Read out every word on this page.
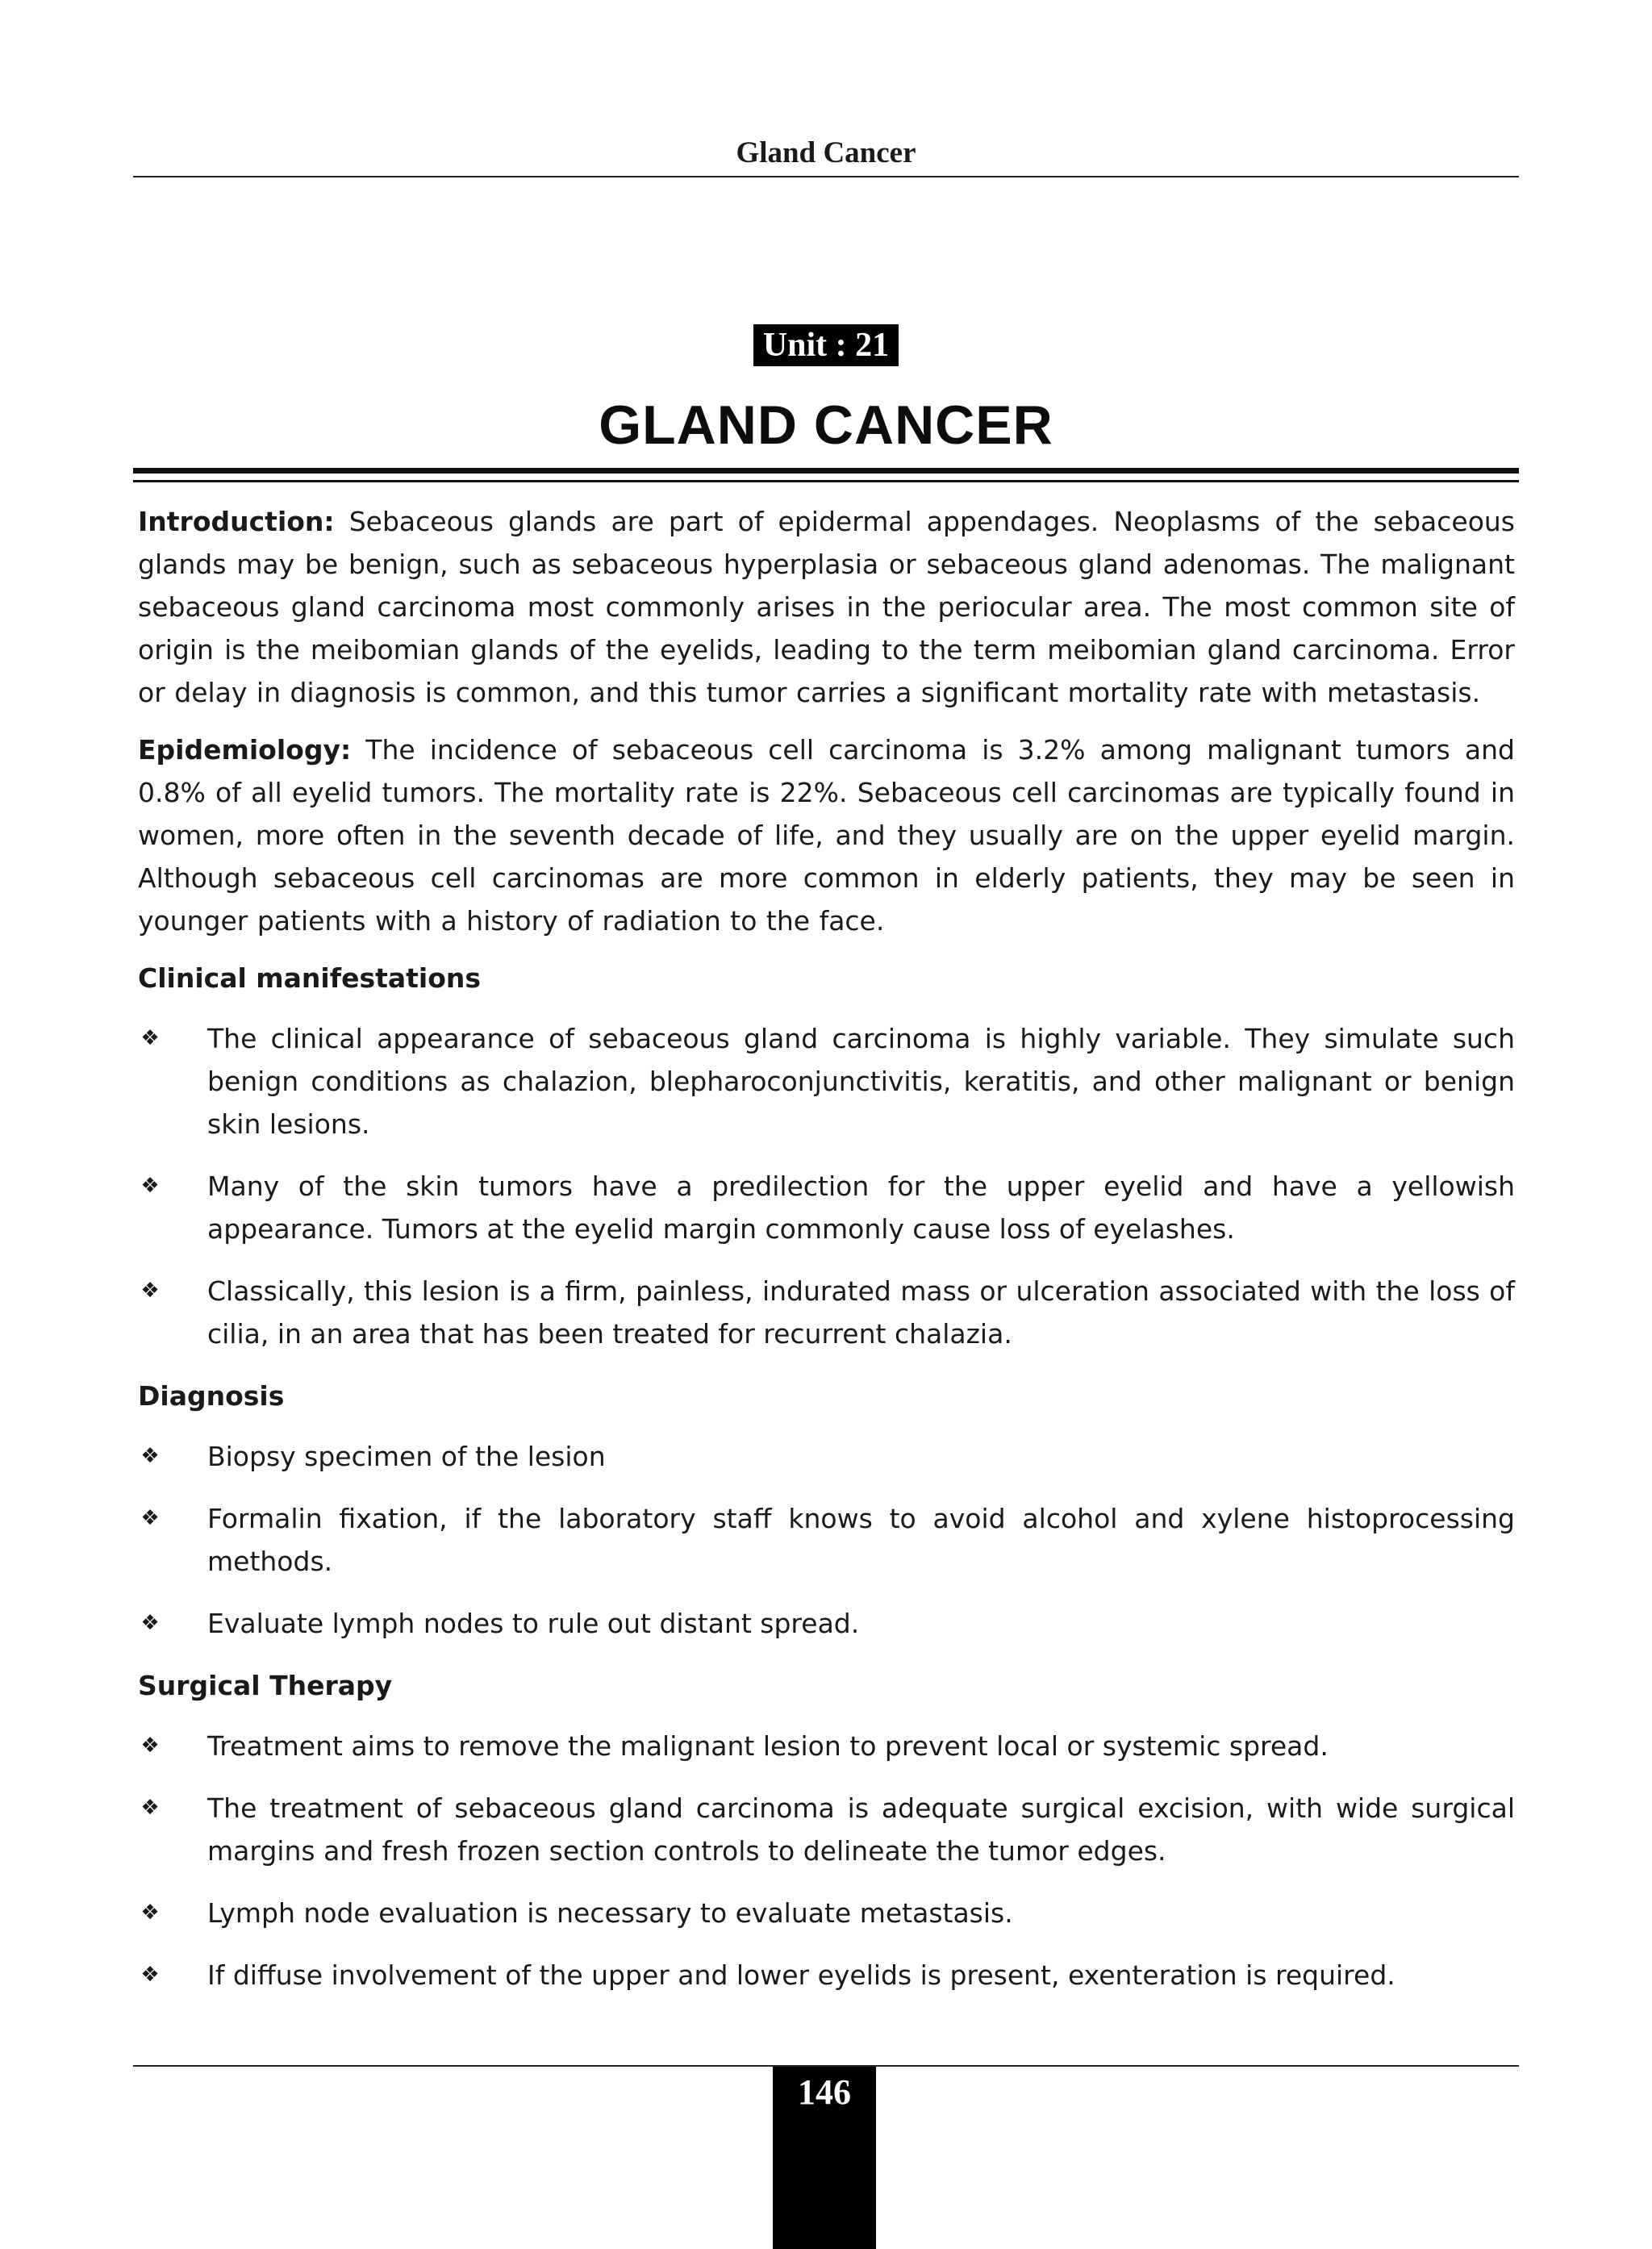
Gland Cancer
Unit : 21
GLAND CANCER

Introduction: Sebaceous glands are part of epidermal appendages. Neoplasms of the sebaceous glands may be benign, such as sebaceous hyperplasia or sebaceous gland adenomas. The malignant sebaceous gland carcinoma most commonly arises in the periocular area. The most common site of origin is the meibomian glands of the eyelids, leading to the term meibomian gland carcinoma. Error or delay in diagnosis is common, and this tumor carries a significant mortality rate with metastasis.

Epidemiology: The incidence of sebaceous cell carcinoma is 3.2% among malignant tumors and 0.8% of all eyelid tumors. The mortality rate is 22%. Sebaceous cell carcinomas are typically found in women, more often in the seventh decade of life, and they usually are on the upper eyelid margin. Although sebaceous cell carcinomas are more common in elderly patients, they may be seen in younger patients with a history of radiation to the face.

Clinical manifestations
❖ The clinical appearance of sebaceous gland carcinoma is highly variable. They simulate such benign conditions as chalazion, blepharoconjunctivitis, keratitis, and other malignant or benign skin lesions.
❖ Many of the skin tumors have a predilection for the upper eyelid and have a yellowish appearance. Tumors at the eyelid margin commonly cause loss of eyelashes.
❖ Classically, this lesion is a firm, painless, indurated mass or ulceration associated with the loss of cilia, in an area that has been treated for recurrent chalazia.
Diagnosis
❖ Biopsy specimen of the lesion
❖ Formalin fixation, if the laboratory staff knows to avoid alcohol and xylene histoprocessing methods.
❖ Evaluate lymph nodes to rule out distant spread.
Surgical Therapy
❖ Treatment aims to remove the malignant lesion to prevent local or systemic spread.
❖ The treatment of sebaceous gland carcinoma is adequate surgical excision, with wide surgical margins and fresh frozen section controls to delineate the tumor edges.
❖ Lymph node evaluation is necessary to evaluate metastasis.
❖ If diffuse involvement of the upper and lower eyelids is present, exenteration is required.
146
